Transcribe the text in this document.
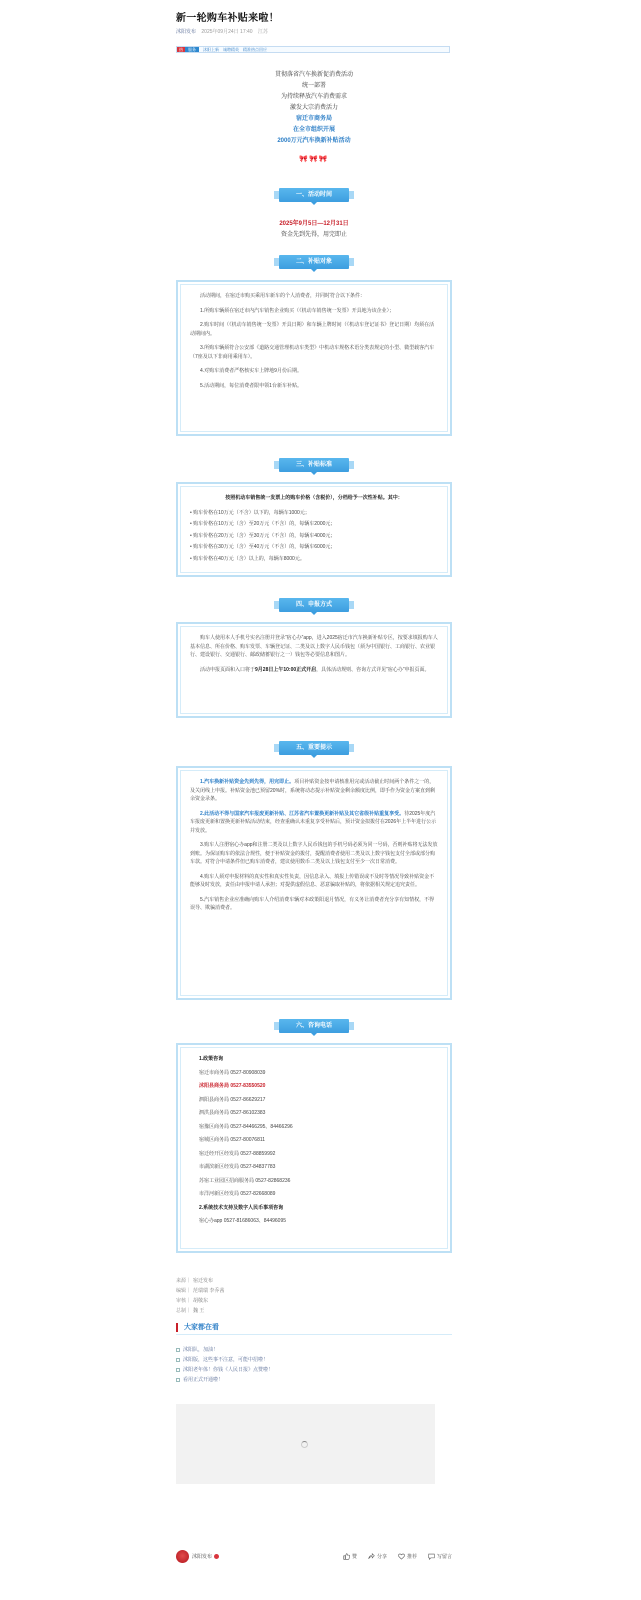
新一轮购车补贴来啦！
沭阳发布 2025年09月24日 17:40 江苏
热	服务	沭阳上新 诚聘精英 精准热点回应
贯彻落省汽车换新促消费活动
统一部署
为持续释放汽车消费需求
激发大宗消费活力
宿迁市商务局
在全市组织开展
2000万元汽车换新补贴活动
🎀🎀🎀
一、活动时间
2025年9月5日—12月31日
资金先到先得，用完即止
二、补贴对象

活动期间，在宿迁市购买乘用车新车的个人消费者，并同时符合以下条件：

1.所购车辆须在宿迁市内汽车销售企业购买（《机动车销售统一发票》开具地为该企业）；

2.购车时间（《机动车销售统一发票》开具日期）和车辆上牌时间（《机动车登记证书》登记日期）均须在活动期间内。

3.所购车辆须符合公安部《道路交通管理机动车类型》中机动车规格术语分类表规定的小型、微型载客汽车（7座及以下非商用乘用车）。

4.对购车消费者严格核实车上牌地9月份后期。

5.活动期间，每位消费者限申领1台新车补贴。

三、补贴标准
按照机动车销售统一发票上的购车价格（含税价），分档给予一次性补贴。其中：
• 购车价格在10万元（不含）以下的，每辆车1000元；
• 购车价格在10万元（含）至20万元（不含）的，每辆车2000元；
• 购车价格在20万元（含）至30万元（不含）的，每辆车4000元；
• 购车价格在30万元（含）至40万元（不含）的，每辆车6000元；
• 购车价格在40万元（含）以上的，每辆车8000元。
四、申报方式

购车人使用本人手机号实名注册并登录“宿心办”app，进入2025宿迁市汽车换新补贴专区，按要求填报购车人基本信息、所在价格、购车发票、车辆登记证、二类及以上数字人民币钱包（须为中国银行、工商银行、农业银行、建设银行、交通银行、邮政储蓄银行之一）钱包等必要信息和图片。

活动申报页面和入口将于9月28日上午10:00正式开启，具体活动规则、咨询方式详见“宿心办”申报页面。

五、重要提示

1.汽车换新补贴资金先到先得，用完即止。项目补贴资金按申请核准用完或活动截止时间两个条件之一的，及关闭线上申报。补贴资金池已预留20%时，系统将动态提示补贴资金剩余额度比例，即手作为资金方案直到剩余资金录条。

2.此活动不得与国家汽车报废更新补贴、江苏省汽车置换更新补贴及其它省级补贴重复享受。待2025年度汽车报废更新和置换更新补贴活动结束，经查重确认未重复享受补贴后，预计资金拟拨付在2026年上半年进行公示并发放。

3.购车人注册宿心办app和注册二类及以上数字人民币钱包的手机号码必须为同一号码，否则补贴将无法发放到账。为保证购车的依法合规性，便于补贴资金的拨付，提醒消费者使用二类及以上数字钱包支付全部或部分购车款。对符合申请条件但已购车消费者，建议使用数币二类及以上钱包支付至少一次日常消费。

4.购车人须对申报材料的真实性和真实性负责，因信息录入、填报上传错误或不及时等情况导致补贴资金不能够及时发放，责任由申报申请人承担；对提供虚假信息、恶意骗取补贴的，将依据相关规定追究责任。

5.汽车销售企业应准确向购车人介绍消费车辆对本政策阳退月情况，有义务让消费者充分享有知情权，不得误导、欺骗消费者。

六、咨询电话
1.政策咨询
宿迁市商务局 0527-80908039
沭阳县商务局 0527-83550520
泗阳县商务局 0527-86629217
泗洪县商务局 0527-86102383
宿豫区商务局 0527-84466295、84466296
宿城区商务局 0527-80076811
宿迁经开区经发局 0527-88859992
市湖滨新区经发局 0527-84837783
苏宿工业园区招商服务局 0527-82868236
市洋河新区经发局 0527-82668089
2.系统技术支持及数字人民币事项咨询
宿心办app 0527-81686063、84496095
来源｜ 宿迁发布
编辑｜ 范瑞瑞 李乔茜
审核｜ 胡敬东
总制｜ 魏 王
大家都在看
沭阳队，加油！
沭阳版，这些事不注意，可能中招啦！
沭阳老年体！你钱《人民日报》点赞啦！
看用正式开通啦！
沭阳发布	赞	分享	推荐	写留言
